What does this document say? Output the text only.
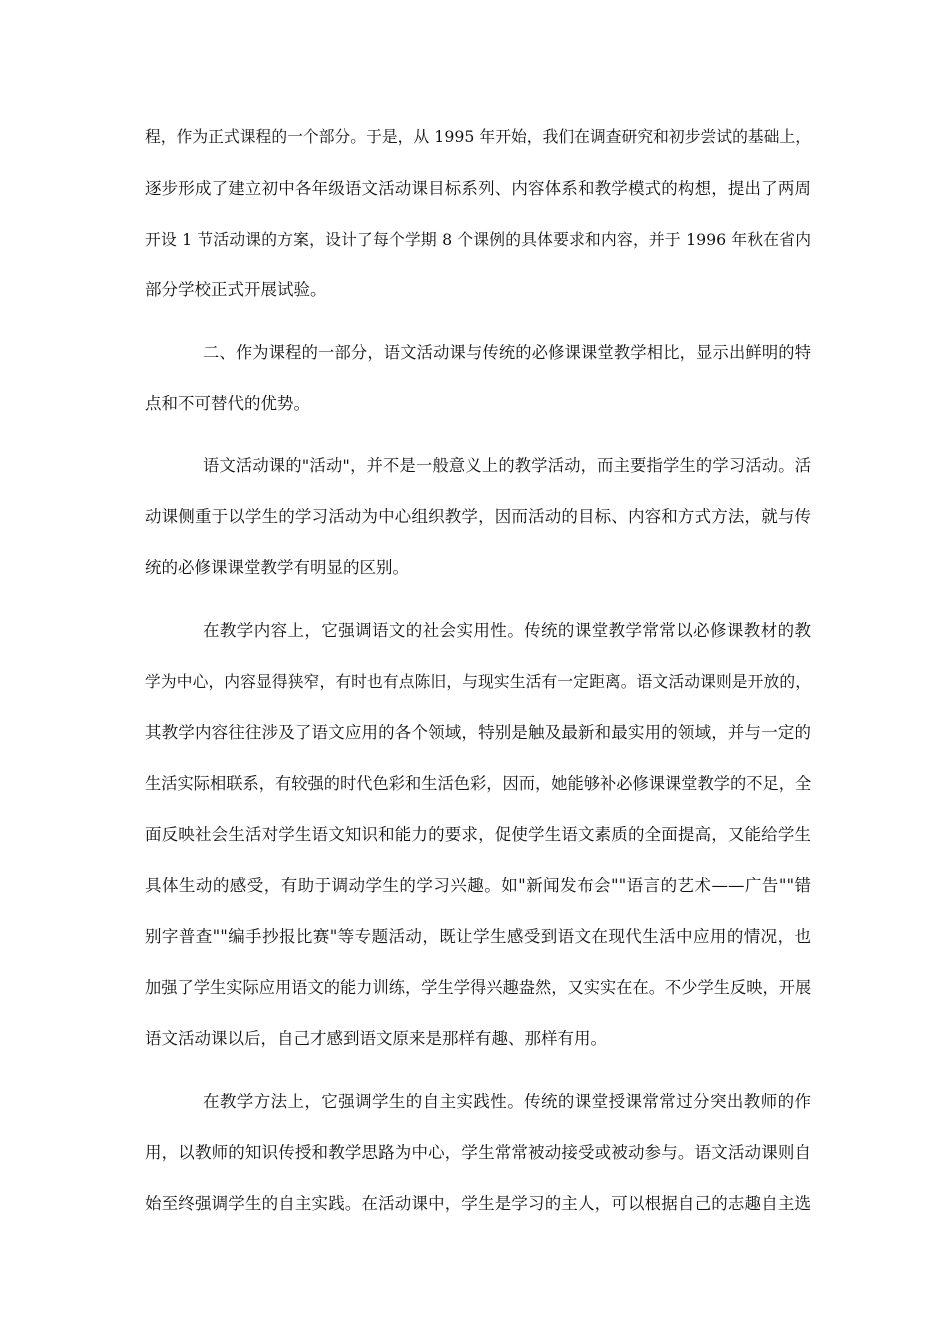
程，作为正式课程的一个部分。于是，从 1995 年开始，我们在调查研究和初步尝试的基础上，
逐步形成了建立初中各年级语文活动课目标系列、内容体系和教学模式的构想，提出了两周
开设 1 节活动课的方案，设计了每个学期 8 个课例的具体要求和内容，并于 1996 年秋在省内
部分学校正式开展试验。
二、作为课程的一部分，语文活动课与传统的必修课课堂教学相比，显示出鲜明的特
点和不可替代的优势。
语文活动课的"活动"，并不是一般意义上的教学活动，而主要指学生的学习活动。活
动课侧重于以学生的学习活动为中心组织教学，因而活动的目标、内容和方式方法，就与传
统的必修课课堂教学有明显的区别。
在教学内容上，它强调语文的社会实用性。传统的课堂教学常常以必修课教材的教
学为中心，内容显得狭窄，有时也有点陈旧，与现实生活有一定距离。语文活动课则是开放的，
其教学内容往往涉及了语文应用的各个领域，特别是触及最新和最实用的领域，并与一定的
生活实际相联系，有较强的时代色彩和生活色彩，因而，她能够补必修课课堂教学的不足，全
面反映社会生活对学生语文知识和能力的要求，促使学生语文素质的全面提高，又能给学生
具体生动的感受，有助于调动学生的学习兴趣。如"新闻发布会""语言的艺术——广告""错
别字普查""编手抄报比赛"等专题活动，既让学生感受到语文在现代生活中应用的情况，也
加强了学生实际应用语文的能力训练，学生学得兴趣盎然，又实实在在。不少学生反映，开展
语文活动课以后，自己才感到语文原来是那样有趣、那样有用。
在教学方法上，它强调学生的自主实践性。传统的课堂授课常常过分突出教师的作
用，以教师的知识传授和教学思路为中心，学生常常被动接受或被动参与。语文活动课则自
始至终强调学生的自主实践。在活动课中，学生是学习的主人，可以根据自己的志趣自主选
